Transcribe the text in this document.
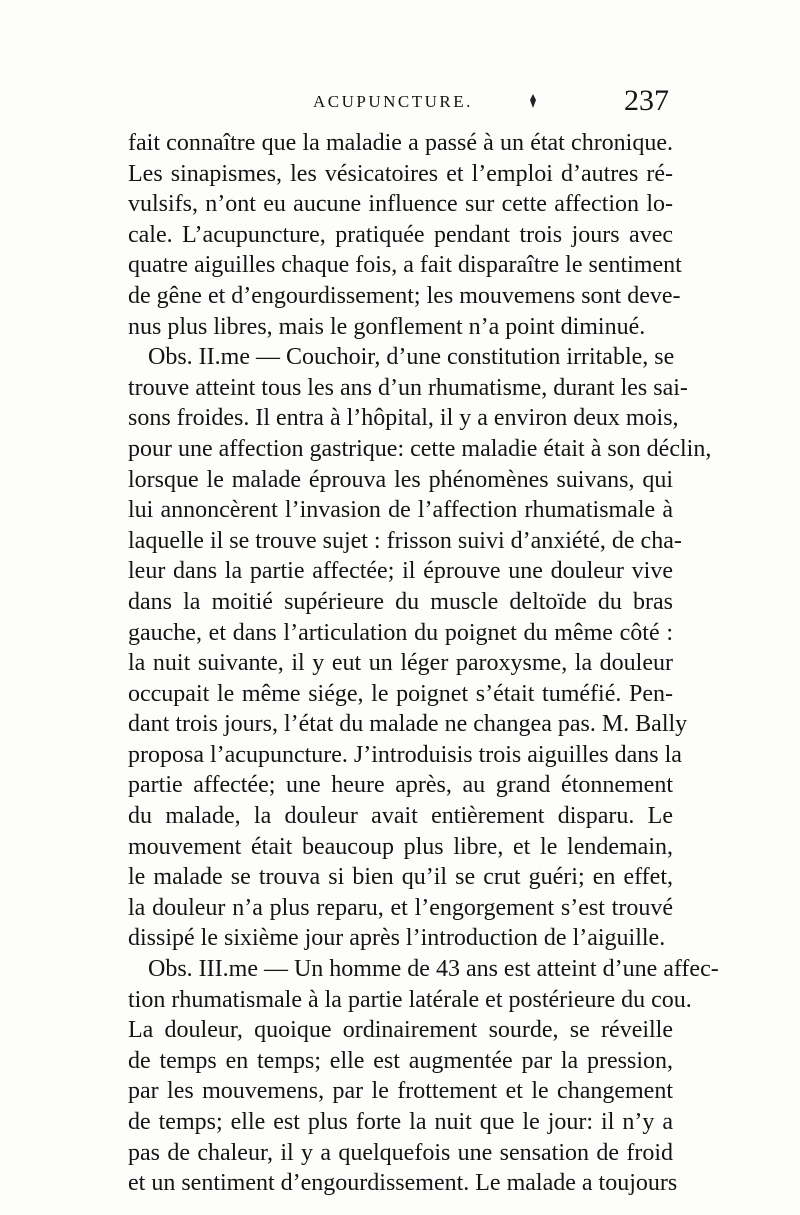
ACUPUNCTURE.	237
fait connaître que la maladie a passé à un état chronique.
Les sinapismes, les vésicatoires et l’emploi d’autres ré-
vulsifs, n’ont eu aucune influence sur cette affection lo-
cale. L’acupuncture, pratiquée pendant trois jours avec
quatre aiguilles chaque fois, a fait disparaître le sentiment
de gêne et d’engourdissement; les mouvemens sont deve-
nus plus libres, mais le gonflement n’a point diminué.
Obs. II.me — Couchoir, d’une constitution irritable, se
trouve atteint tous les ans d’un rhumatisme, durant les sai-
sons froides. Il entra à l’hôpital, il y a environ deux mois,
pour une affection gastrique: cette maladie était à son déclin,
lorsque le malade éprouva les phénomènes suivans, qui
lui annoncèrent l’invasion de l’affection rhumatismale à
laquelle il se trouve sujet : frisson suivi d’anxiété, de cha-
leur dans la partie affectée; il éprouve une douleur vive
dans la moitié supérieure du muscle deltoïde du bras
gauche, et dans l’articulation du poignet du même côté :
la nuit suivante, il y eut un léger paroxysme, la douleur
occupait le même siége, le poignet s’était tuméfié. Pen-
dant trois jours, l’état du malade ne changea pas. M. Bally
proposa l’acupuncture. J’introduisis trois aiguilles dans la
partie affectée; une heure après, au grand étonnement
du malade, la douleur avait entièrement disparu. Le
mouvement était beaucoup plus libre, et le lendemain,
le malade se trouva si bien qu’il se crut guéri; en effet,
la douleur n’a plus reparu, et l’engorgement s’est trouvé
dissipé le sixième jour après l’introduction de l’aiguille.
Obs. III.me — Un homme de 43 ans est atteint d’une affec-
tion rhumatismale à la partie latérale et postérieure du cou.
La douleur, quoique ordinairement sourde, se réveille
de temps en temps; elle est augmentée par la pression,
par les mouvemens, par le frottement et le changement
de temps; elle est plus forte la nuit que le jour: il n’y a
pas de chaleur, il y a quelquefois une sensation de froid
et un sentiment d’engourdissement. Le malade a toujours
